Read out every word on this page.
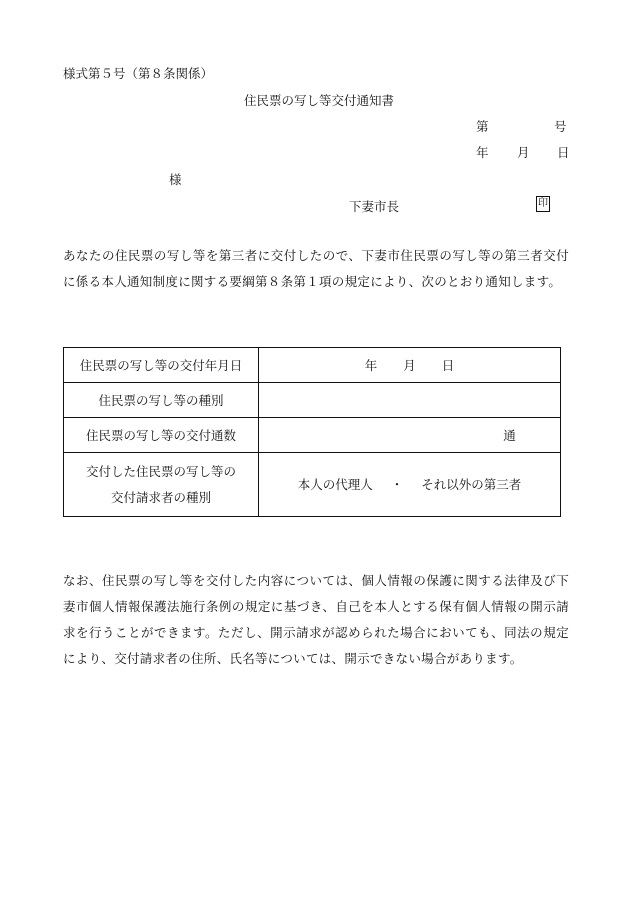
様式第５号（第８条関係）
住民票の写し等交付通知書
第	号
年 月 日
様
下妻市長	印
あなたの住民票の写し等を第三者に交付したので、下妻市住民票の写し等の第三者交付に係る本人通知制度に関する要綱第８条第１項の規定により、次のとおり通知します。
住民票の写し等の交付年月日	年 月 日
住民票の写し等の種別	
住民票の写し等の交付通数	通
交付した住民票の写し等の
交付請求者の種別	本人の代理人 ・ それ以外の第三者
なお、住民票の写し等を交付した内容については、個人情報の保護に関する法律及び下妻市個人情報保護法施行条例の規定に基づき、自己を本人とする保有個人情報の開示請求を行うことができます。ただし、開示請求が認められた場合においても、同法の規定により、交付請求者の住所、氏名等については、開示できない場合があります。
